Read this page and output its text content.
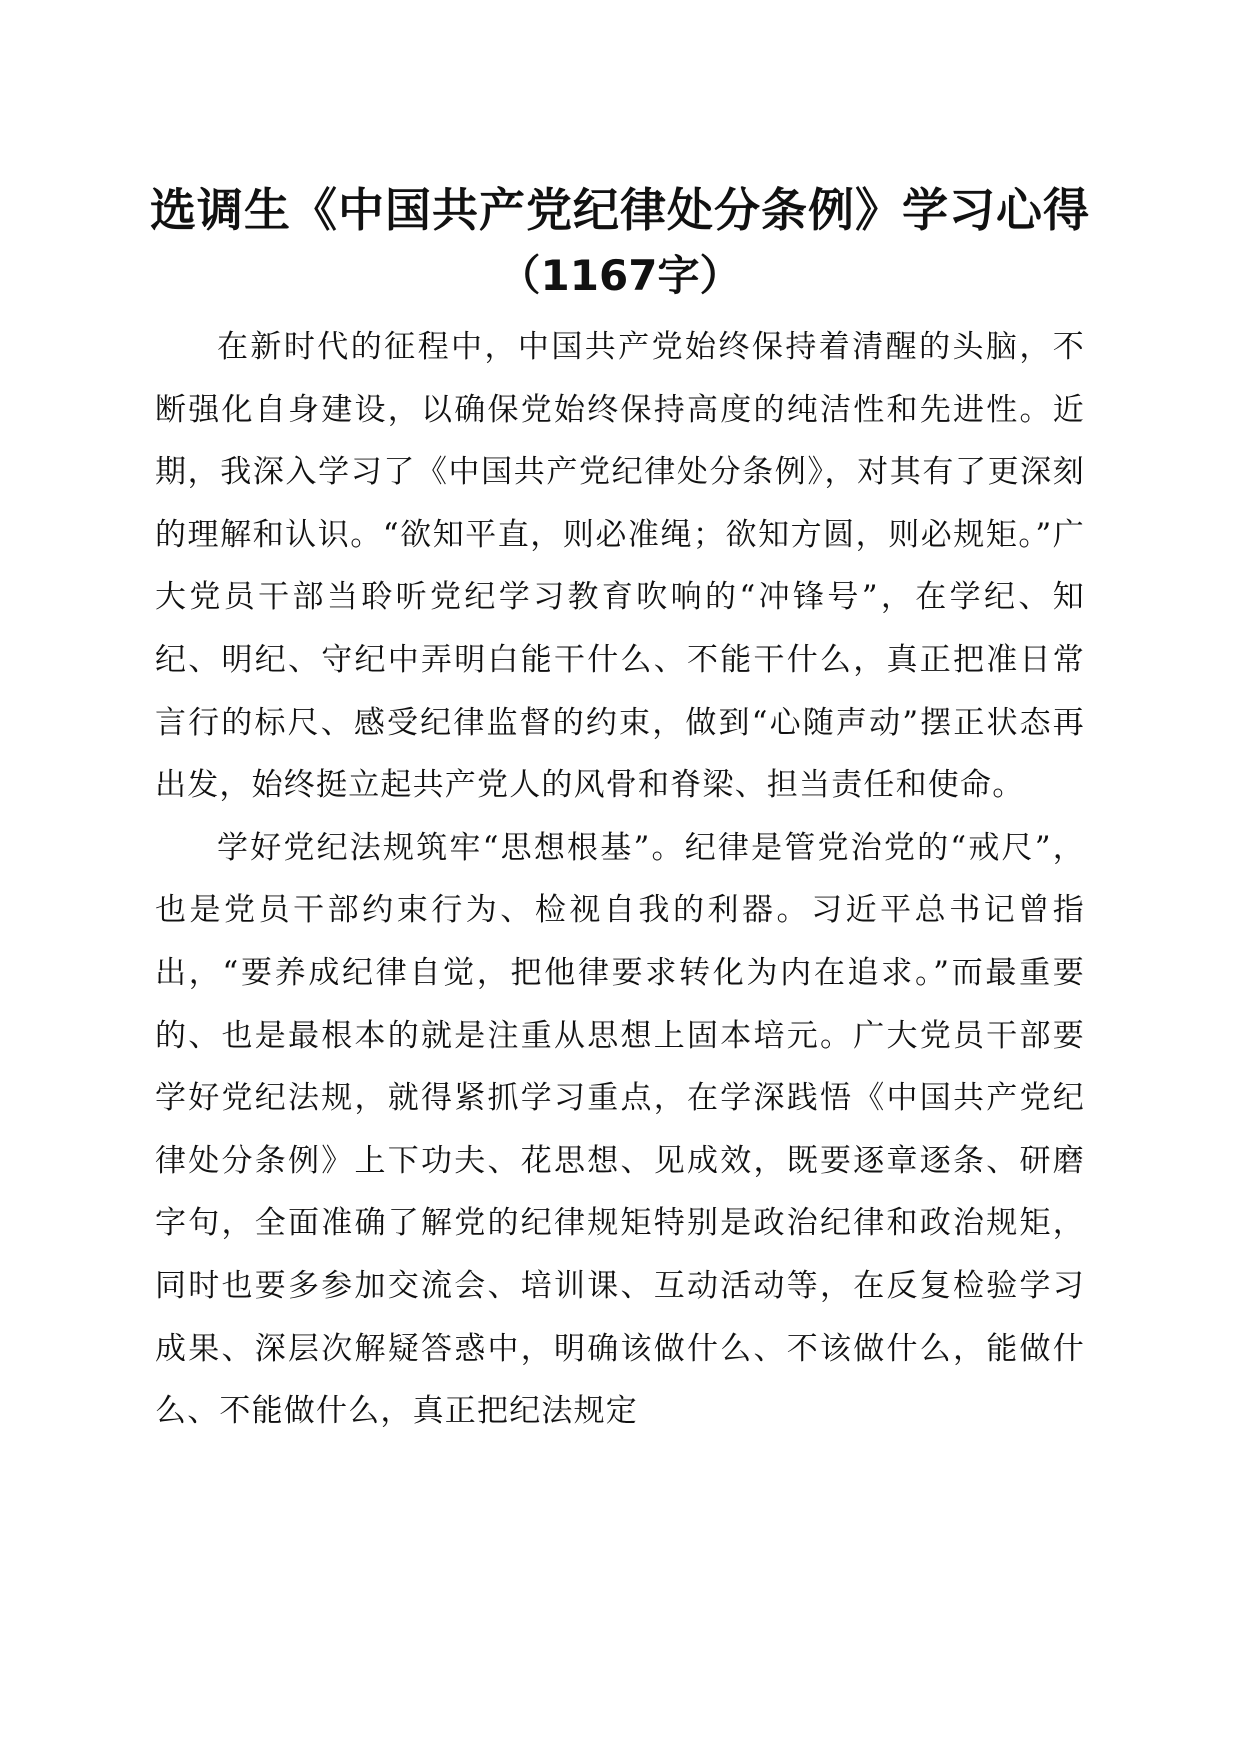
选调生《中国共产党纪律处分条例》学习心得
（1167字）

在新时代的征程中，中国共产党始终保持着清醒的头脑，不断强化自身建设，以确保党始终保持高度的纯洁性和先进性。近期，我深入学习了《中国共产党纪律处分条例》，对其有了更深刻的理解和认识。“欲知平直，则必准绳；欲知方圆，则必规矩。”广大党员干部当聆听党纪学习教育吹响的“冲锋号”，在学纪、知纪、明纪、守纪中弄明白能干什么、不能干什么，真正把准日常言行的标尺、感受纪律监督的约束，做到“心随声动”摆正状态再出发，始终挺立起共产党人的风骨和脊梁、担当责任和使命。

学好党纪法规筑牢“思想根基”。纪律是管党治党的“戒尺”，也是党员干部约束行为、检视自我的利器。习近平总书记曾指出，“要养成纪律自觉，把他律要求转化为内在追求。”而最重要的、也是最根本的就是注重从思想上固本培元。广大党员干部要学好党纪法规，就得紧抓学习重点，在学深践悟《中国共产党纪律处分条例》上下功夫、花思想、见成效，既要逐章逐条、研磨字句，全面准确了解党的纪律规矩特别是政治纪律和政治规矩，同时也要多参加交流会、培训课、互动活动等，在反复检验学习成果、深层次解疑答惑中，明确该做什么、不该做什么，能做什么、不能做什么，真正把纪法规定
